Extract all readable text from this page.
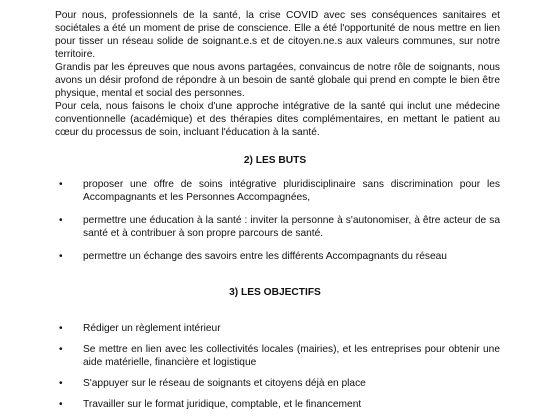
Pour nous, professionnels de la santé, la crise COVID avec ses conséquences sanitaires et sociétales a été un moment de prise de conscience. Elle a été l'opportunité de nous mettre en lien pour tisser un réseau solide de soignant.e.s et de citoyen.ne.s aux valeurs communes, sur notre territoire.

Grandis par les épreuves que nous avons partagées, convaincus de notre rôle de soignants, nous avons un désir profond de répondre à un besoin de santé globale qui prend en compte le bien être physique, mental et social des personnes.

Pour cela, nous faisons le choix d'une approche intégrative de la santé qui inclut une médecine conventionnelle (académique) et des thérapies dites complémentaires, en mettant le patient au cœur du processus de soin, incluant l'éducation à la santé.

2) LES BUTS
•	proposer une offre de soins intégrative pluridisciplinaire sans discrimination pour les Accompagnants et les Personnes Accompagnées,
•	permettre une éducation à la santé : inviter la personne à s'autonomiser, à être acteur de sa santé et à contribuer à son propre parcours de santé.
•	permettre un échange des savoirs entre les différents Accompagnants du réseau
3) LES OBJECTIFS
•	Rédiger un règlement intérieur
•	Se mettre en lien avec les collectivités locales (mairies), et les entreprises pour obtenir une aide matérielle, financière et logistique
•	S'appuyer sur le réseau de soignants et citoyens déjà en place
•	Travailler sur le format juridique, comptable, et le financement
